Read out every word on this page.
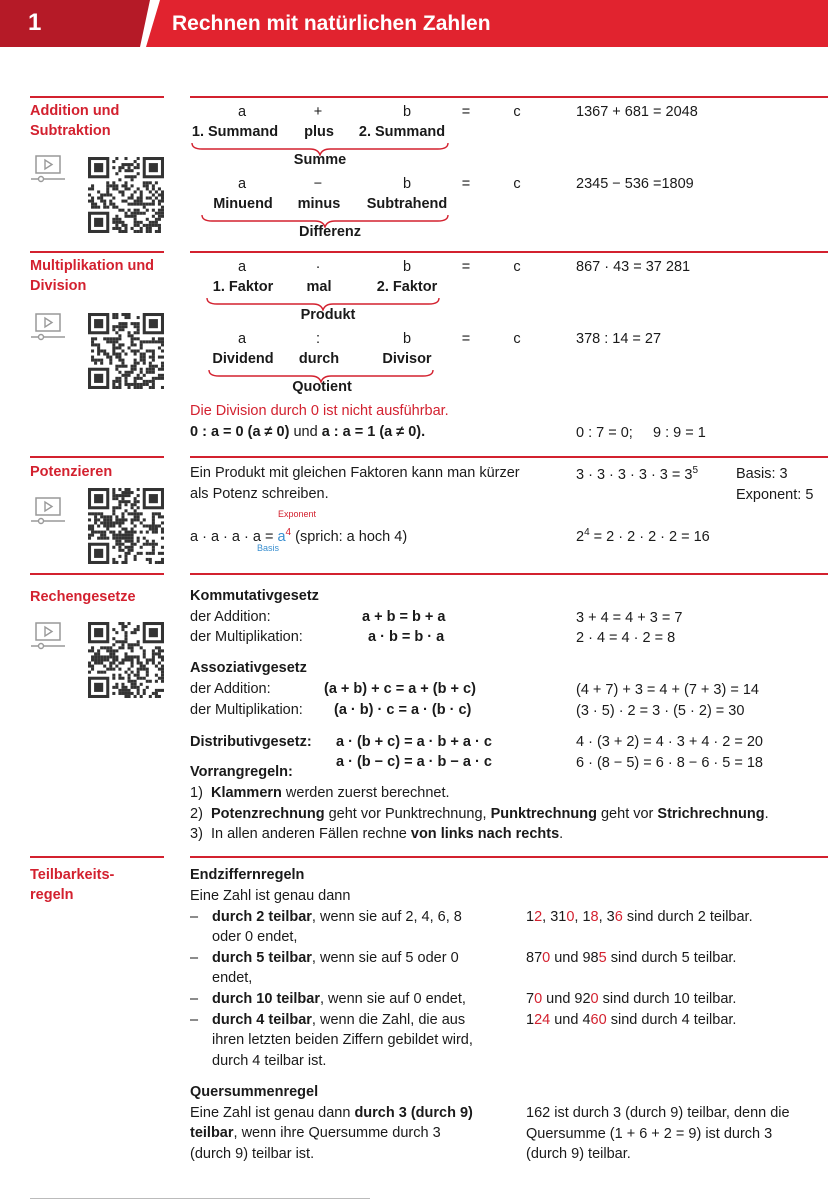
1	Rechnen mit natürlichen Zahlen
Addition und
Subtraktion
a	+	b	=	c	1367 + 681 = 2048
1. Summand	plus	2. Summand
Summe
a	−	b	=	c	2345 − 536 =1809
Minuend	minus	Subtrahend
Differenz
Multiplikation und
Division
a	·	b	=	c	867 · 43 = 37 281
1. Faktor	mal	2. Faktor
Produkt
a	:	b	=	c	378 : 14 = 27
Dividend	durch	Divisor
Quotient
Die Division durch 0 ist nicht ausführbar.
0 : a = 0 (a ≠ 0) und a : a = 1 (a ≠ 0).	0 : 7 = 0;     9 : 9 = 1
Potenzieren	Ein Produkt mit gleichen Faktoren kann man kürzer
als Potenz schreiben.
$3 \cdot 3 \cdot 3 \cdot 3 \cdot 3 = 3^5$	Basis: 3
Exponent: 5
Exponent
$a \cdot a \cdot a \cdot a = a^4$ (sprich: a hoch 4)
Basis
$2^4 = 2 \cdot 2 \cdot 2 \cdot 2 = 16$
Rechengesetze	Kommutativgesetz
der Addition:	a + b = b + a	3 + 4 = 4 + 3 = 7
der Multiplikation:	a · b = b · a	2 · 4 = 4 · 2 = 8
Assoziativgesetz
der Addition:	(a + b) + c = a + (b + c)	(4 + 7) + 3 = 4 + (7 + 3) = 14
der Multiplikation: (a · b) · c = a · (b · c)	(3 · 5) · 2 = 3 · (5 · 2) = 30
Distributivgesetz: a · (b + c) = a · b + a · c	4 · (3 + 2) = 4 · 3 + 4 · 2 = 20
a · (b − c) = a · b − a · c	6 · (8 − 5) = 6 · 8 − 6 · 5 = 18
Vorrangregeln:
1) Klammern werden zuerst berechnet.
2) Potenzrechnung geht vor Punktrechnung, Punktrechnung geht vor Strichrechnung.
3) In allen anderen Fällen rechne von links nach rechts.
Teilbarkeits-
regeln
Endziffernregeln
Eine Zahl ist genau dann
– durch 2 teilbar, wenn sie auf 2, 4, 6, 8
oder 0 endet,
12, 310, 18, 36 sind durch 2 teilbar.
– durch 5 teilbar, wenn sie auf 5 oder 0
endet,
870 und 985 sind durch 5 teilbar.
– durch 10 teilbar, wenn sie auf 0 endet,	70 und 920 sind durch 10 teilbar.
– durch 4 teilbar, wenn die Zahl, die aus
ihren letzten beiden Ziffern gebildet wird,
durch 4 teilbar ist.
124 und 460 sind durch 4 teilbar.
Quersummenregel
Eine Zahl ist genau dann durch 3 (durch 9)
teilbar, wenn ihre Quersumme durch 3
(durch 9) teilbar ist.
162 ist durch 3 (durch 9) teilbar, denn die
Quersumme (1 + 6 + 2 = 9) ist durch 3
(durch 9) teilbar.
